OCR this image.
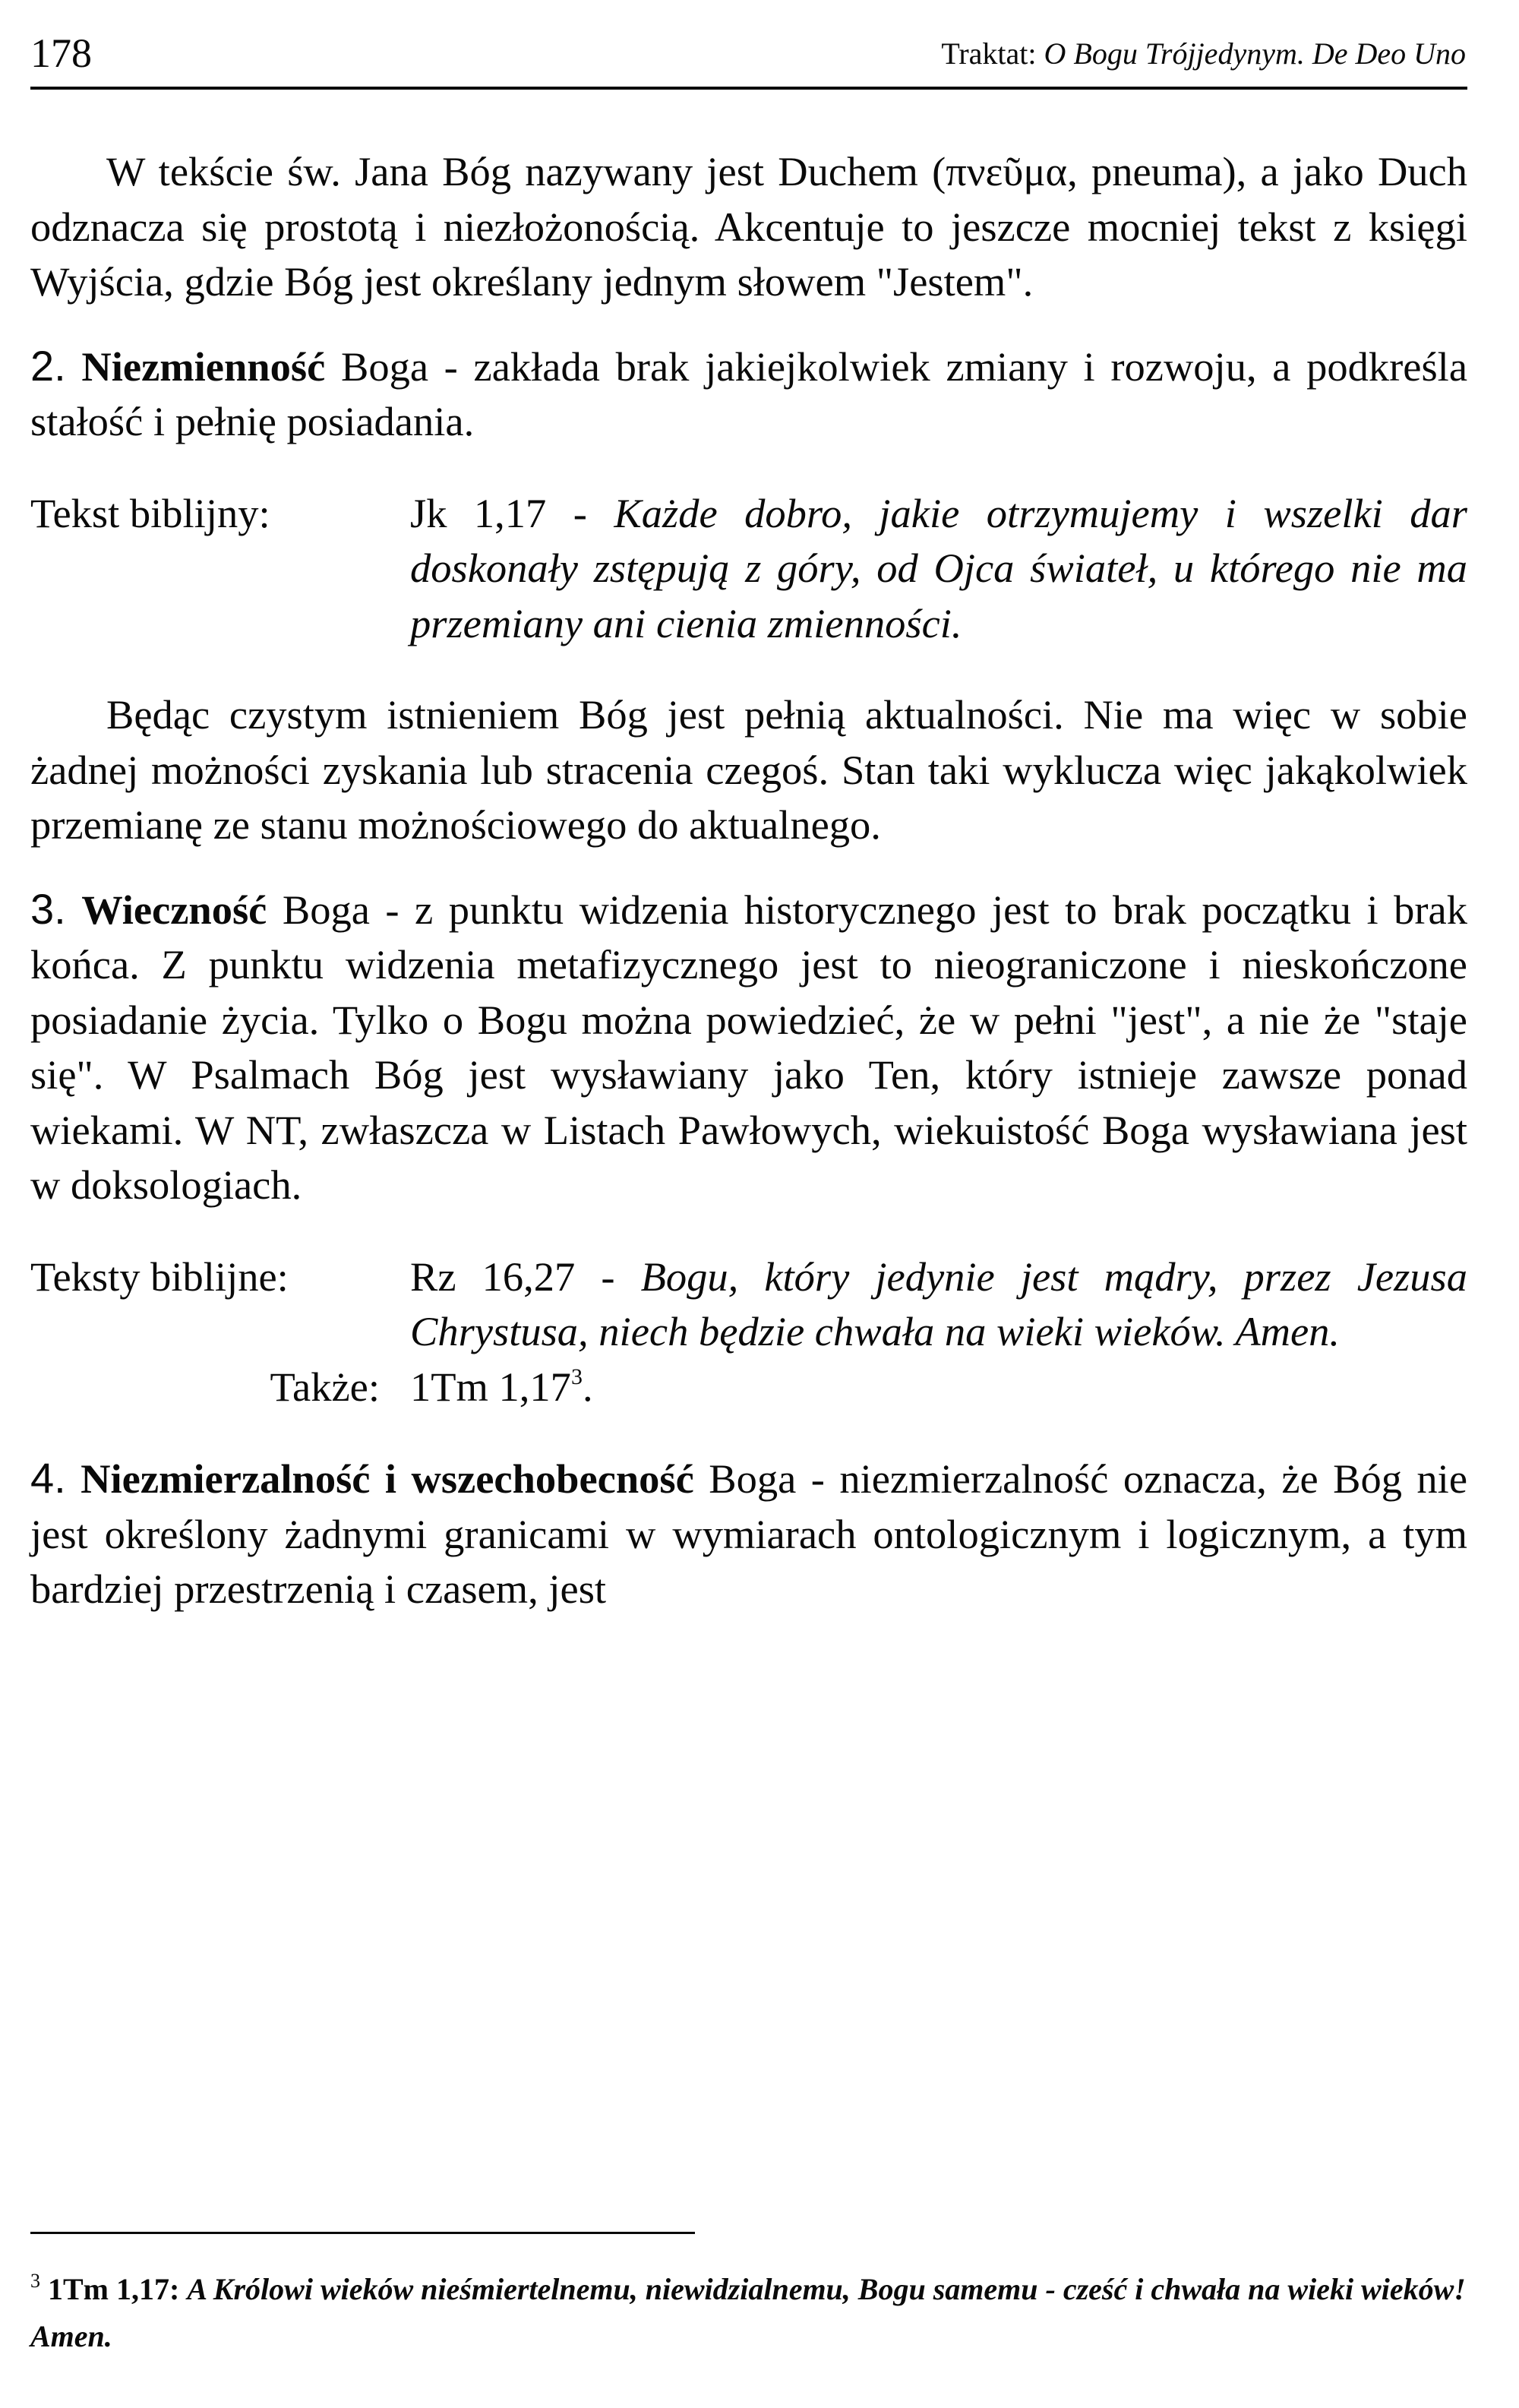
178	Traktat: O Bogu Trójjedynym. De Deo Uno

W tekście św. Jana Bóg nazywany jest Duchem (πνεῦμα, pneuma), a jako Duch odznacza się prostotą i niezłożonością. Akcentuje to jeszcze mocniej tekst z księgi Wyjścia, gdzie Bóg jest określany jednym słowem "Jestem".

2. Niezmienność Boga - zakłada brak jakiejkolwiek zmiany i rozwoju, a podkreśla stałość i pełnię posiadania.

Tekst biblijny:	Jk 1,17 - Każde dobro, jakie otrzymujemy i wszelki dar doskonały zstępują z góry, od Ojca świateł, u którego nie ma przemiany ani cienia zmienności.

Będąc czystym istnieniem Bóg jest pełnią aktualności. Nie ma więc w sobie żadnej możności zyskania lub stracenia czegoś. Stan taki wyklucza więc jakąkolwiek przemianę ze stanu możnościowego do aktualnego.

3. Wieczność Boga - z punktu widzenia historycznego jest to brak początku i brak końca. Z punktu widzenia metafizycznego jest to nieograniczone i nieskończone posiadanie życia. Tylko o Bogu można powiedzieć, że w pełni "jest", a nie że "staje się". W Psalmach Bóg jest wysławiany jako Ten, który istnieje zawsze ponad wiekami. W NT, zwłaszcza w Listach Pawłowych, wiekuistość Boga wysławiana jest w doksologiach.

Teksty biblijne:	Rz 16,27 - Bogu, który jedynie jest mądry, przez Jezusa Chrystusa, niech będzie chwała na wieki wieków. Amen.
Także: 1Tm 1,17$^3$.

4. Niezmierzalność i wszechobecność Boga - niezmierzalność oznacza, że Bóg nie jest określony żadnymi granicami w wymiarach ontologicznym i logicznym, a tym bardziej przestrzenią i czasem, jest

$^3$ 1Tm 1,17: A Królowi wieków nieśmiertelnemu, niewidzialnemu, Bogu samemu - cześć i chwała na wieki wieków! Amen.
